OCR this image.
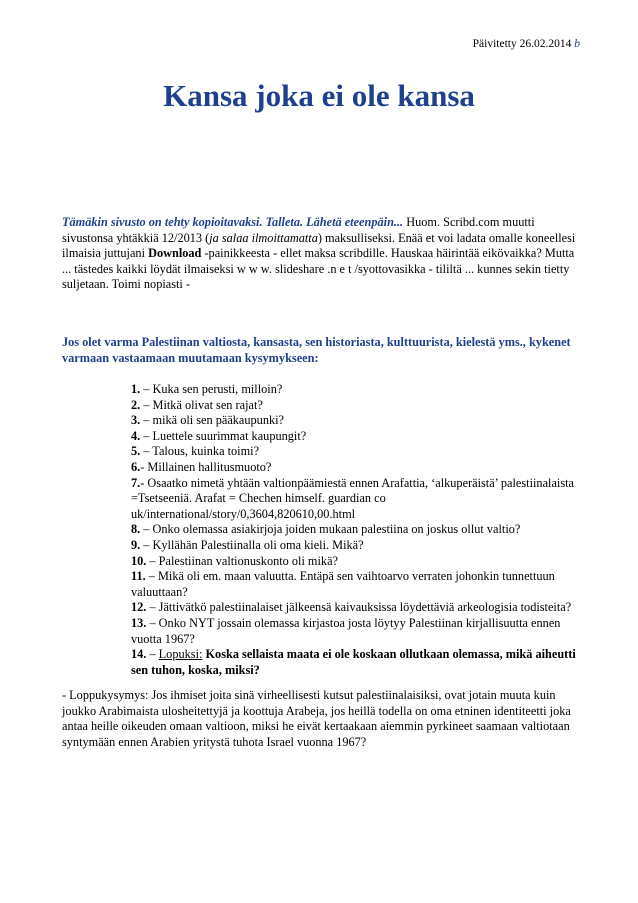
Päivitetty 26.02.2014 b
Kansa joka ei ole kansa

Tämäkin sivusto on tehty kopioitavaksi. Talleta. Lähetä eteenpäin... Huom. Scribd.com muutti sivustonsa yhtäkkiä 12/2013 (ja salaa ilmoittamatta) maksulliseksi. Enää et voi ladata omalle koneellesi ilmaisia juttujani Download -painikkeesta - ellet maksa scribdille. Hauskaa häirintää eikövaikka? Mutta ... tästedes kaikki löydät ilmaiseksi w w w. slideshare .n e t /syottovasikka - tililtä ... kunnes sekin tietty suljetaan. Toimi nopiasti -

Jos olet varma Palestiinan valtiosta, kansasta, sen historiasta, kulttuurista, kielestä yms., kykenet varmaan vastaamaan muutamaan kysymykseen:

1. – Kuka sen perusti, milloin?
2. – Mitkä olivat sen rajat?
3. – mikä oli sen pääkaupunki?
4. – Luettele suurimmat kaupungit?
5. – Talous, kuinka toimi?
6.- Millainen hallitusmuoto?
7.- Osaatko nimetä yhtään valtionpäämiestä ennen Arafattia, ‘alkuperäistä’ palestiinalaista =Tsetseeniä. Arafat = Chechen himself. guardian co uk/international/story/0,3604,820610,00.html
8. – Onko olemassa asiakirjoja joiden mukaan palestiina on joskus ollut valtio?
9. – Kyllähän Palestiinalla oli oma kieli. Mikä?
10. – Palestiinan valtionuskonto oli mikä?
11. – Mikä oli em. maan valuutta. Entäpä sen vaihtoarvo verraten johonkin tunnettuun valuuttaan?
12. – Jättivätkö palestiinalaiset jälkeensä kaivauksissa löydettäviä arkeologisia todisteita?
13. – Onko NYT jossain olemassa kirjastoa josta löytyy Palestiinan kirjallisuutta ennen vuotta 1967?
14. – Lopuksi: Koska sellaista maata ei ole koskaan ollutkaan olemassa, mikä aiheutti sen tuhon, koska, miksi?

- Loppukysymys: Jos ihmiset joita sinä virheellisesti kutsut palestiinalaisiksi, ovat jotain muuta kuin joukko Arabimaista ulosheitettyjä ja koottuja Arabeja, jos heillä todella on oma etninen identiteetti joka antaa heille oikeuden omaan valtioon, miksi he eivät kertaakaan aiemmin pyrkineet saamaan valtiotaan syntymään ennen Arabien yritystä tuhota Israel vuonna 1967?
